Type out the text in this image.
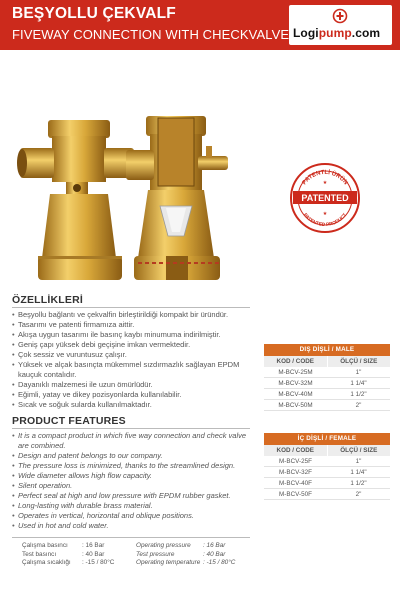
BEŞYOLLU ÇEKVALF
FIVEWAY CONNECTION WITH CHECKVALVE Logipump.com
PATENTLİ ÜRÜN
PATENTED
PATENTED PRODUCT
★
★
ÖZELLİKLERİ
• Beşyollu bağlantı ve çekvalfin birleştirildiği kompakt bir üründür.
• Tasarımı ve patenti firmamıza aittir.
• Akışa uygun tasarımı ile basınç kaybı minumuma indirilmiştir.
• Geniş çapı yüksek debi geçişine imkan vermektedir.
• Çok sessiz ve vuruntusuz çalışır.
• Yüksek ve alçak basınçta mükemmel sızdırmazlık sağlayan EPDM kauçuk contalıdır.
• Dayanıklı malzemesi ile uzun ömürlüdür.
• Eğimli, yatay ve dikey pozisyonlarda kullanılabilir.
• Sıcak ve soğuk sularda kullanılmaktadır.
PRODUCT FEATURES
• It is a compact product in which five way connection and check valve are combined.
• Design and patent belongs to our company.
• The pressure loss is minimized, thanks to the streamlined design.
• Wide diameter allows high flow capacity.
• Silent operation.
• Perfect seal at high and low pressure with EPDM rubber gasket.
• Long-lasting with durable brass material.
• Operates in vertical, horizontal and oblique positions.
• Used in hot and cold water.
DIŞ DİŞLİ / MALE
KOD / CODE	ÖLÇÜ / SIZE
M-BCV-25M	1"
M-BCV-32M	1 1/4"
M-BCV-40M	1 1/2"
M-BCV-50M	2"
İÇ DİŞLİ / FEMALE
KOD / CODE	ÖLÇÜ / SIZE
M-BCV-25F	1"
M-BCV-32F	1 1/4"
M-BCV-40F	1 1/2"
M-BCV-50F	2"
Çalışma basıncı	: 16 Bar
Test basıncı	: 40 Bar
Çalışma sıcaklığı	: -15 / 80°C
Operating pressure	: 16 Bar
Test pressure	: 40 Bar
Operating temperature : -15 / 80°C
